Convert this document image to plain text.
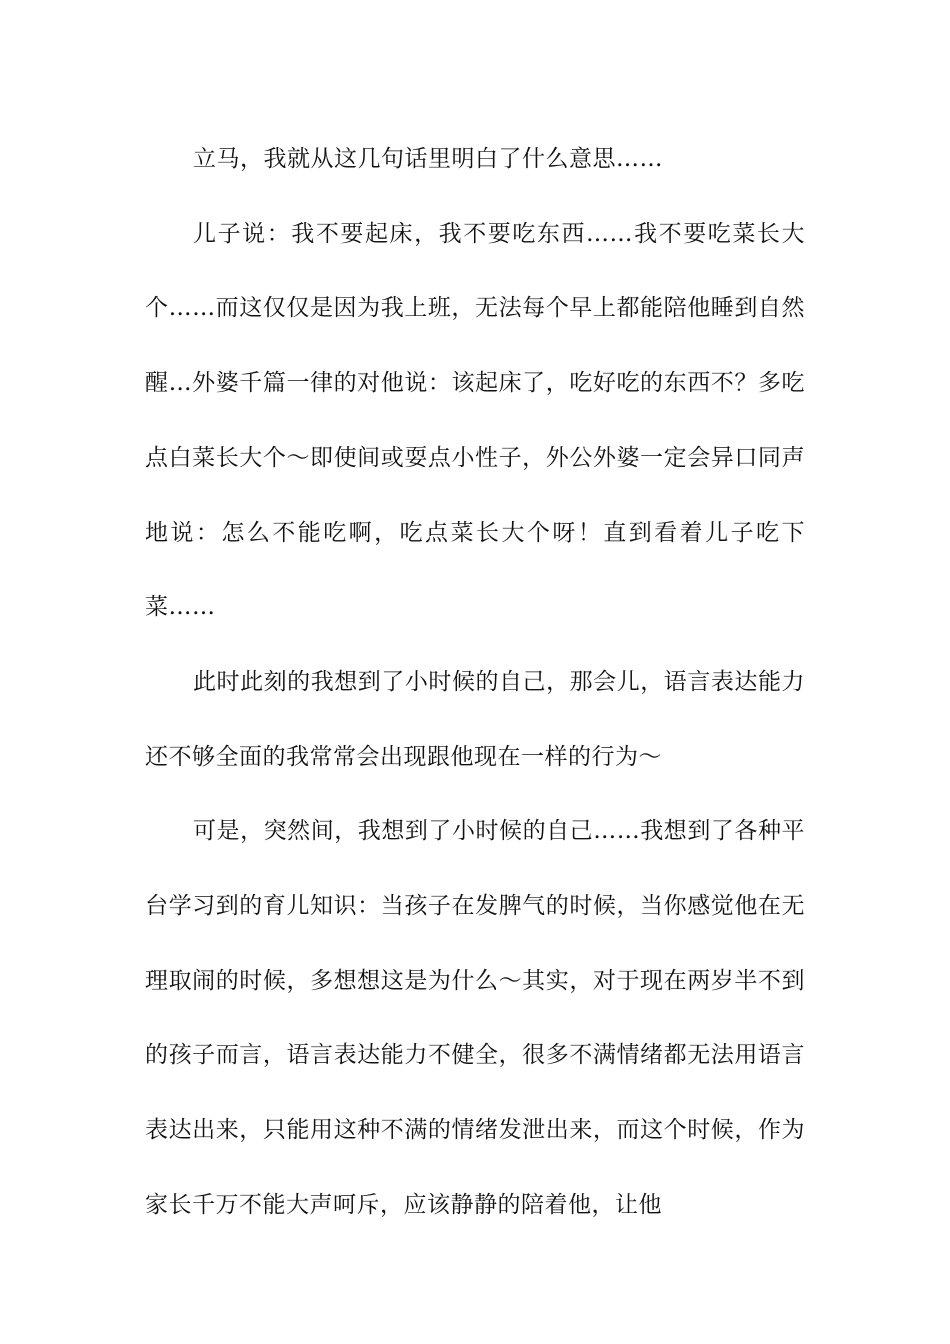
立马，我就从这几句话里明白了什么意思……

儿子说：我不要起床，我不要吃东西……我不要吃菜长大个……而这仅仅是因为我上班，无法每个早上都能陪他睡到自然醒…外婆千篇一律的对他说：该起床了，吃好吃的东西不？多吃点白菜长大个～即使间或耍点小性子，外公外婆一定会异口同声地说：怎么不能吃啊，吃点菜长大个呀！直到看着儿子吃下菜……

此时此刻的我想到了小时候的自己，那会儿，语言表达能力还不够全面的我常常会出现跟他现在一样的行为～

可是，突然间，我想到了小时候的自己……我想到了各种平台学习到的育儿知识：当孩子在发脾气的时候，当你感觉他在无理取闹的时候，多想想这是为什么～其实，对于现在两岁半不到的孩子而言，语言表达能力不健全，很多不满情绪都无法用语言表达出来，只能用这种不满的情绪发泄出来，而这个时候，作为家长千万不能大声呵斥，应该静静的陪着他，让他
